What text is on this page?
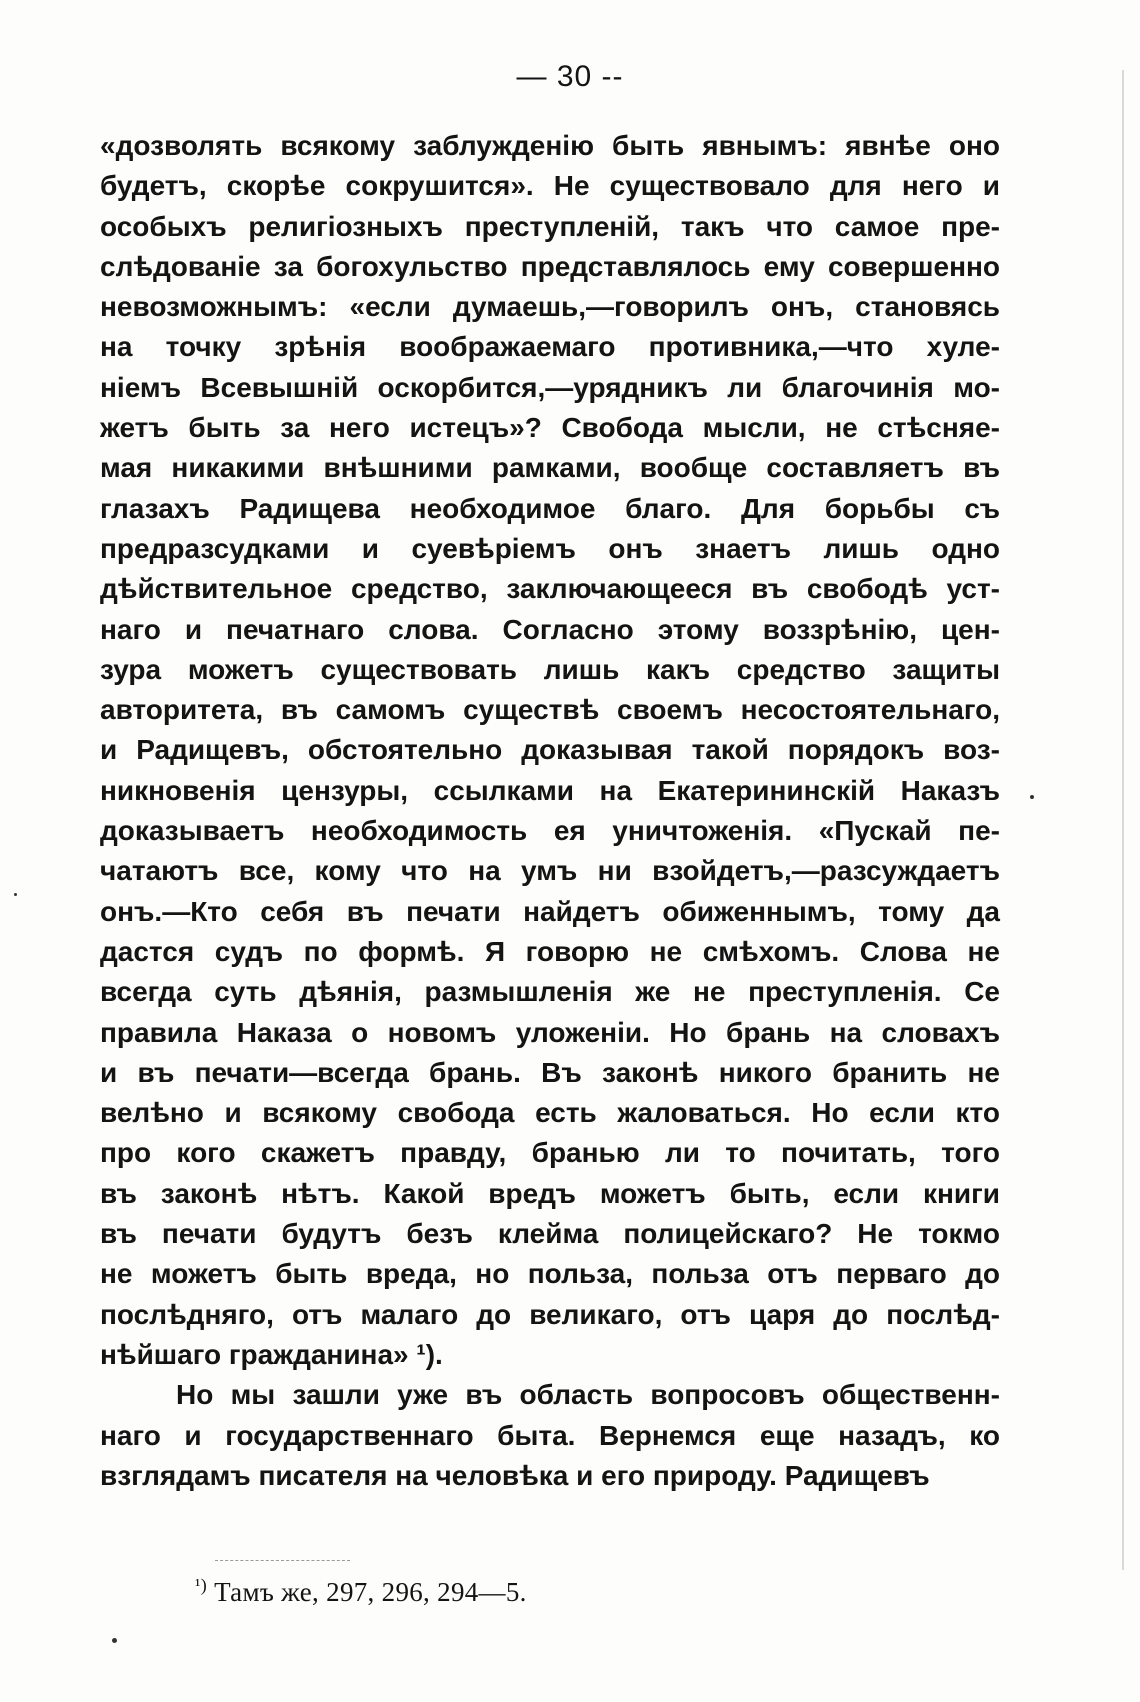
— 30 --
«дозволять всякому заблужденію быть явнымъ: явнѣе оно
будетъ, скорѣе сокрушится». Не существовало для него и
особыхъ религіозныхъ преступленій, такъ что самое пре-
слѣдованіе за богохульство представлялось ему совершенно
невозможнымъ: «если думаешь,—говорилъ онъ, становясь
на точку зрѣнія воображаемаго противника,—что хуле-
ніемъ Всевышній оскорбится,—урядникъ ли благочинія мо-
жетъ быть за него истецъ»? Свобода мысли, не стѣсняе-
мая никакими внѣшними рамками, вообще составляетъ въ
глазахъ Радищева необходимое благо. Для борьбы съ
предразсудками и суевѣріемъ онъ знаетъ лишь одно
дѣйствительное средство, заключающееся въ свободѣ уст-
наго и печатнаго слова. Согласно этому воззрѣнію, цен-
зура можетъ существовать лишь какъ средство защиты
авторитета, въ самомъ существѣ своемъ несостоятельнаго,
и Радищевъ, обстоятельно доказывая такой порядокъ воз-
никновенія цензуры, ссылками на Екатерининскій Наказъ
доказываетъ необходимость ея уничтоженія. «Пускай пе-
чатаютъ все, кому что на умъ ни взойдетъ,—разсуждаетъ
онъ.—Кто себя въ печати найдетъ обиженнымъ, тому да
дастся судъ по формѣ. Я говорю не смѣхомъ. Слова не
всегда суть дѣянія, размышленія же не преступленія. Се
правила Наказа о новомъ уложеніи. Но брань на словахъ
и въ печати—всегда брань. Въ законѣ никого бранить не
велѣно и всякому свобода есть жаловаться. Но если кто
про кого скажетъ правду, бранью ли то почитать, того
въ законѣ нѣтъ. Какой вредъ можетъ быть, если книги
въ печати будутъ безъ клейма полицейскаго? Не токмо
не можетъ быть вреда, но польза, польза отъ перваго до
послѣдняго, отъ малаго до великаго, отъ царя до послѣд-
нѣйшаго гражданина» ¹).
Но мы зашли уже въ область вопросовъ общественн-
наго и государственнаго быта. Вернемся еще назадъ, ко
взглядамъ писателя на человѣка и его природу. Радищевъ
$^{^1)}$ Тамъ же, 297, 296, 294—5.
